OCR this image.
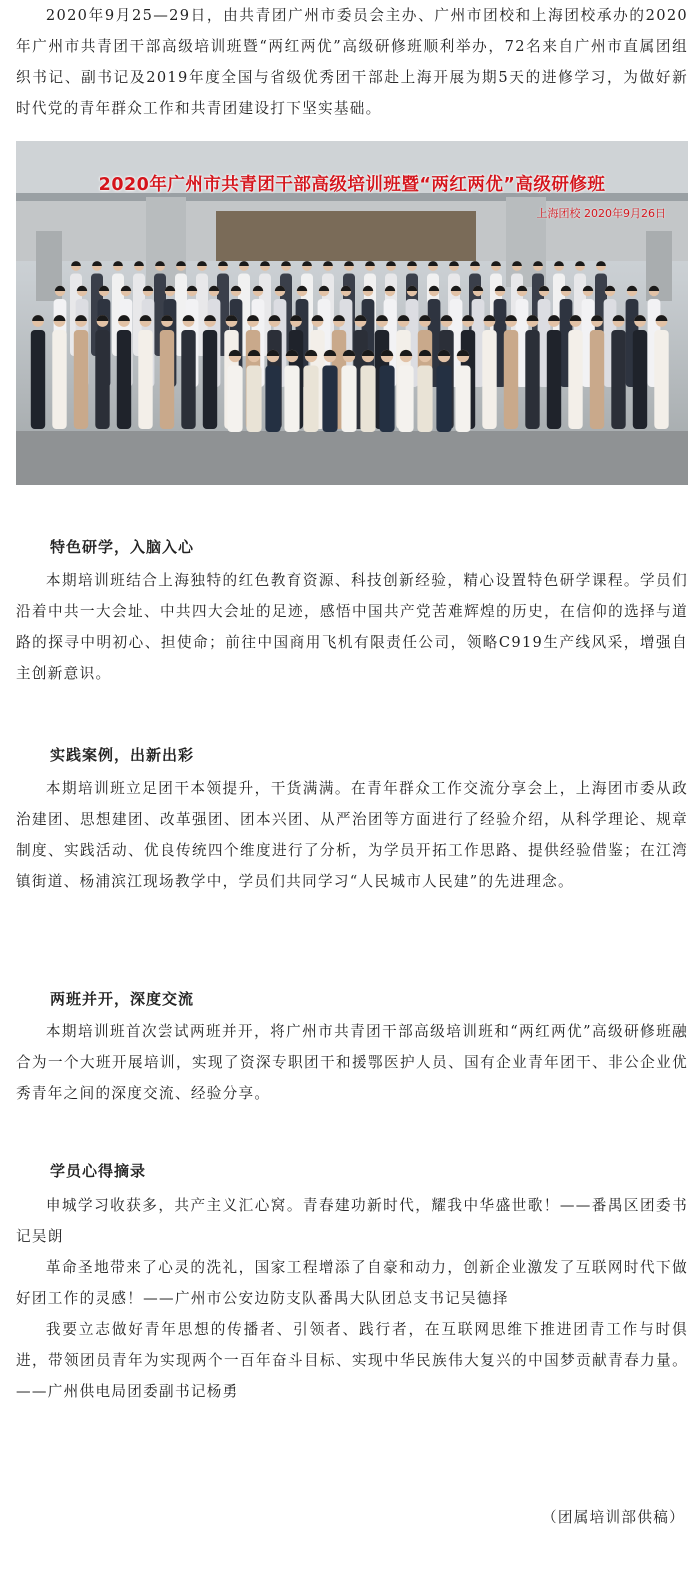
2020年9月25—29日，由共青团广州市委员会主办、广州市团校和上海团校承办的2020年广州市共青团干部高级培训班暨“两红两优”高级研修班顺利举办，72名来自广州市直属团组织书记、副书记及2019年度全国与省级优秀团干部赴上海开展为期5天的进修学习，为做好新时代党的青年群众工作和共青团建设打下坚实基础。

2020年广州市共青团干部高级培训班暨“两红两优”高级研修班
上海团校 2020年9月26日

特色研学，入脑入心

本期培训班结合上海独特的红色教育资源、科技创新经验，精心设置特色研学课程。学员们沿着中共一大会址、中共四大会址的足迹，感悟中国共产党苦难辉煌的历史，在信仰的选择与道路的探寻中明初心、担使命；前往中国商用飞机有限责任公司，领略C919生产线风采，增强自主创新意识。

实践案例，出新出彩

本期培训班立足团干本领提升，干货满满。在青年群众工作交流分享会上，上海团市委从政治建团、思想建团、改革强团、团本兴团、从严治团等方面进行了经验介绍，从科学理论、规章制度、实践活动、优良传统四个维度进行了分析，为学员开拓工作思路、提供经验借鉴；在江湾镇街道、杨浦滨江现场教学中，学员们共同学习“人民城市人民建”的先进理念。

两班并开，深度交流

本期培训班首次尝试两班并开，将广州市共青团干部高级培训班和“两红两优”高级研修班融合为一个大班开展培训，实现了资深专职团干和援鄂医护人员、国有企业青年团干、非公企业优秀青年之间的深度交流、经验分享。

学员心得摘录

申城学习收获多，共产主义汇心窝。青春建功新时代，耀我中华盛世歌！——番禺区团委书记吴朗

革命圣地带来了心灵的洗礼，国家工程增添了自豪和动力，创新企业激发了互联网时代下做好团工作的灵感！——广州市公安边防支队番禺大队团总支书记吴德择

我要立志做好青年思想的传播者、引领者、践行者，在互联网思维下推进团青工作与时俱进，带领团员青年为实现两个一百年奋斗目标、实现中华民族伟大复兴的中国梦贡献青春力量。——广州供电局团委副书记杨勇

（团属培训部供稿）
